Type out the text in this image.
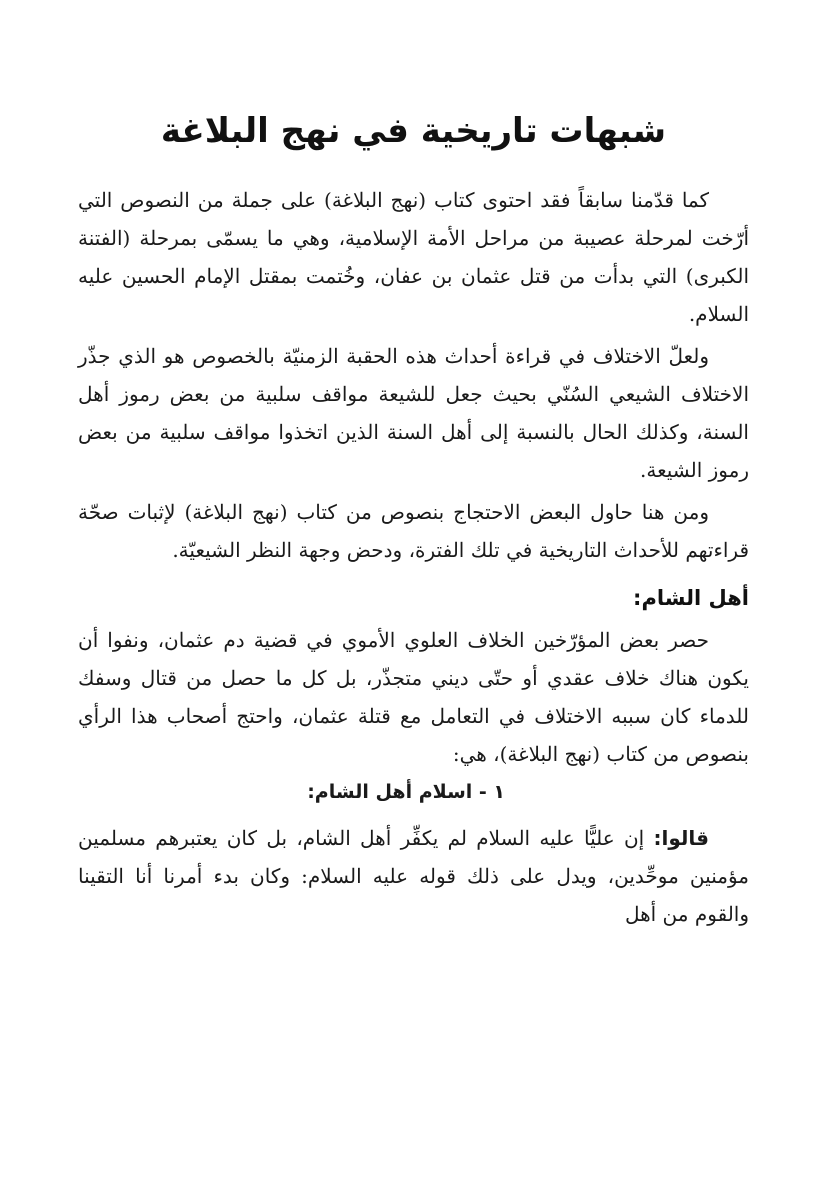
شبهات تاريخية في نهج البلاغة

كما قدّمنا سابقاً فقد احتوى كتاب (نهج البلاغة) على جملة من النصوص التي أرّخت لمرحلة عصيبة من مراحل الأمة الإسلامية، وهي ما يسمّى بمرحلة (الفتنة الكبرى) التي بدأت من قتل عثمان بن عفان، وخُتمت بمقتل الإمام الحسين عليه السلام.

ولعلّ الاختلاف في قراءة أحداث هذه الحقبة الزمنيّة بالخصوص هو الذي جذّر الاختلاف الشيعي السُنّي بحيث جعل للشيعة مواقف سلبية من بعض رموز أهل السنة، وكذلك الحال بالنسبة إلى أهل السنة الذين اتخذوا مواقف سلبية من بعض رموز الشيعة.

ومن هنا حاول البعض الاحتجاج بنصوص من كتاب (نهج البلاغة) لإثبات صحّة قراءتهم للأحداث التاريخية في تلك الفترة، ودحض وجهة النظر الشيعيّة.

أهل الشام:

حصر بعض المؤرّخين الخلاف العلوي الأموي في قضية دم عثمان، ونفوا أن يكون هناك خلاف عقدي أو حتّى ديني متجذّر، بل كل ما حصل من قتال وسفك للدماء كان سببه الاختلاف في التعامل مع قتلة عثمان، واحتج أصحاب هذا الرأي بنصوص من كتاب (نهج البلاغة)، هي:

١ - اسلام أهل الشام:

قالوا: إن عليًّا عليه السلام لم يكفِّر أهل الشام، بل كان يعتبرهم مسلمين مؤمنين موحِّدين، ويدل على ذلك قوله عليه السلام: وكان بدء أمرنا أنا التقينا والقوم من أهل
